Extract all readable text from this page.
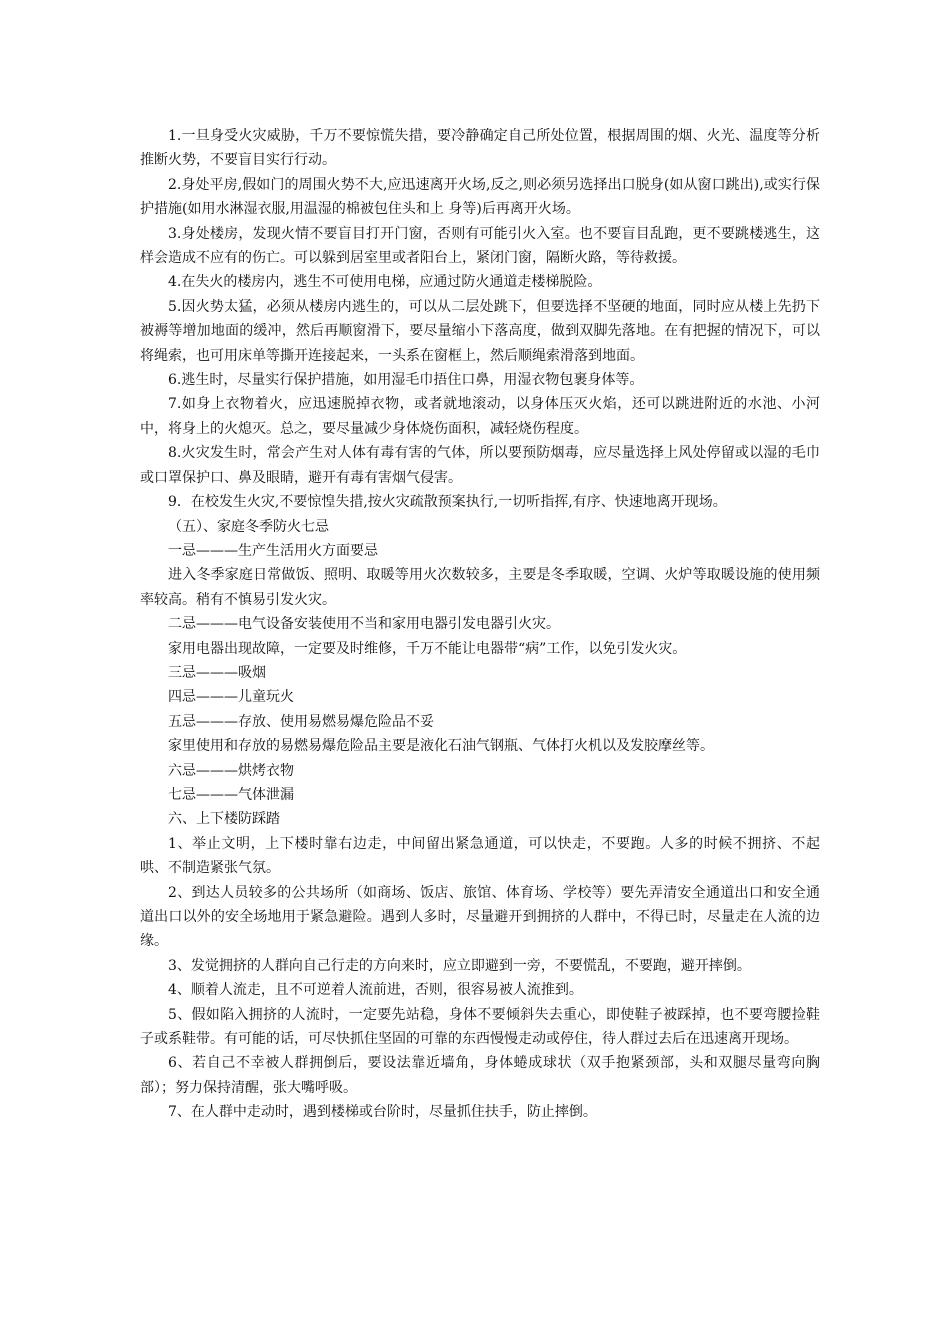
1.一旦身受火灾威胁，千万不要惊慌失措，要冷静确定自己所处位置，根据周围的烟、火光、温度等分析推断火势，不要盲目实行行动。

2.身处平房,假如门的周围火势不大,应迅速离开火场,反之,则必须另选择出口脱身(如从窗口跳出),或实行保护措施(如用水淋湿衣服,用温湿的棉被包住头和上 身等)后再离开火场。

3.身处楼房，发现火情不要盲目打开门窗，否则有可能引火入室。也不要盲目乱跑，更不要跳楼逃生，这样会造成不应有的伤亡。可以躲到居室里或者阳台上，紧闭门窗，隔断火路，等待救援。

4.在失火的楼房内，逃生不可使用电梯，应通过防火通道走楼梯脱险。

5.因火势太猛，必须从楼房内逃生的，可以从二层处跳下，但要选择不坚硬的地面，同时应从楼上先扔下被褥等增加地面的缓冲，然后再顺窗滑下，要尽量缩小下落高度，做到双脚先落地。在有把握的情况下，可以将绳索，也可用床单等撕开连接起来，一头系在窗框上，然后顺绳索滑落到地面。

6.逃生时，尽量实行保护措施，如用湿毛巾捂住口鼻，用湿衣物包裹身体等。

7.如身上衣物着火，应迅速脱掉衣物，或者就地滚动，以身体压灭火焰，还可以跳进附近的水池、小河中，将身上的火熄灭。总之，要尽量减少身体烧伤面积，减轻烧伤程度。

8.火灾发生时，常会产生对人体有毒有害的气体，所以要预防烟毒，应尽量选择上风处停留或以湿的毛巾或口罩保护口、鼻及眼睛，避开有毒有害烟气侵害。

9．在校发生火灾,不要惊惶失措,按火灾疏散预案执行,一切听指挥,有序、快速地离开现场。

（五）、家庭冬季防火七忌

一忌———生产生活用火方面要忌

进入冬季家庭日常做饭、照明、取暖等用火次数较多，主要是冬季取暖，空调、火炉等取暖设施的使用频率较高。稍有不慎易引发火灾。

二忌———电气设备安装使用不当和家用电器引发电器引火灾。

家用电器出现故障，一定要及时维修，千万不能让电器带“病”工作，以免引发火灾。

三忌———吸烟

四忌———儿童玩火

五忌———存放、使用易燃易爆危险品不妥

家里使用和存放的易燃易爆危险品主要是液化石油气钢瓶、气体打火机以及发胶摩丝等。

六忌———烘烤衣物

七忌———气体泄漏

六、上下楼防踩踏

1、举止文明，上下楼时靠右边走，中间留出紧急通道，可以快走，不要跑。人多的时候不拥挤、不起哄、不制造紧张气氛。

2、到达人员较多的公共场所（如商场、饭店、旅馆、体育场、学校等）要先弄清安全通道出口和安全通道出口以外的安全场地用于紧急避险。遇到人多时，尽量避开到拥挤的人群中，不得已时，尽量走在人流的边缘。

3、发觉拥挤的人群向自己行走的方向来时，应立即避到一旁，不要慌乱，不要跑，避开摔倒。

4、顺着人流走，且不可逆着人流前进，否则，很容易被人流推到。

5、假如陷入拥挤的人流时，一定要先站稳，身体不要倾斜失去重心，即使鞋子被踩掉，也不要弯腰捡鞋子或系鞋带。有可能的话，可尽快抓住坚固的可靠的东西慢慢走动或停住，待人群过去后在迅速离开现场。

6、若自己不幸被人群拥倒后，要设法靠近墙角，身体蜷成球状（双手抱紧颈部，头和双腿尽量弯向胸部）；努力保持清醒，张大嘴呼吸。

7、在人群中走动时，遇到楼梯或台阶时，尽量抓住扶手，防止摔倒。
